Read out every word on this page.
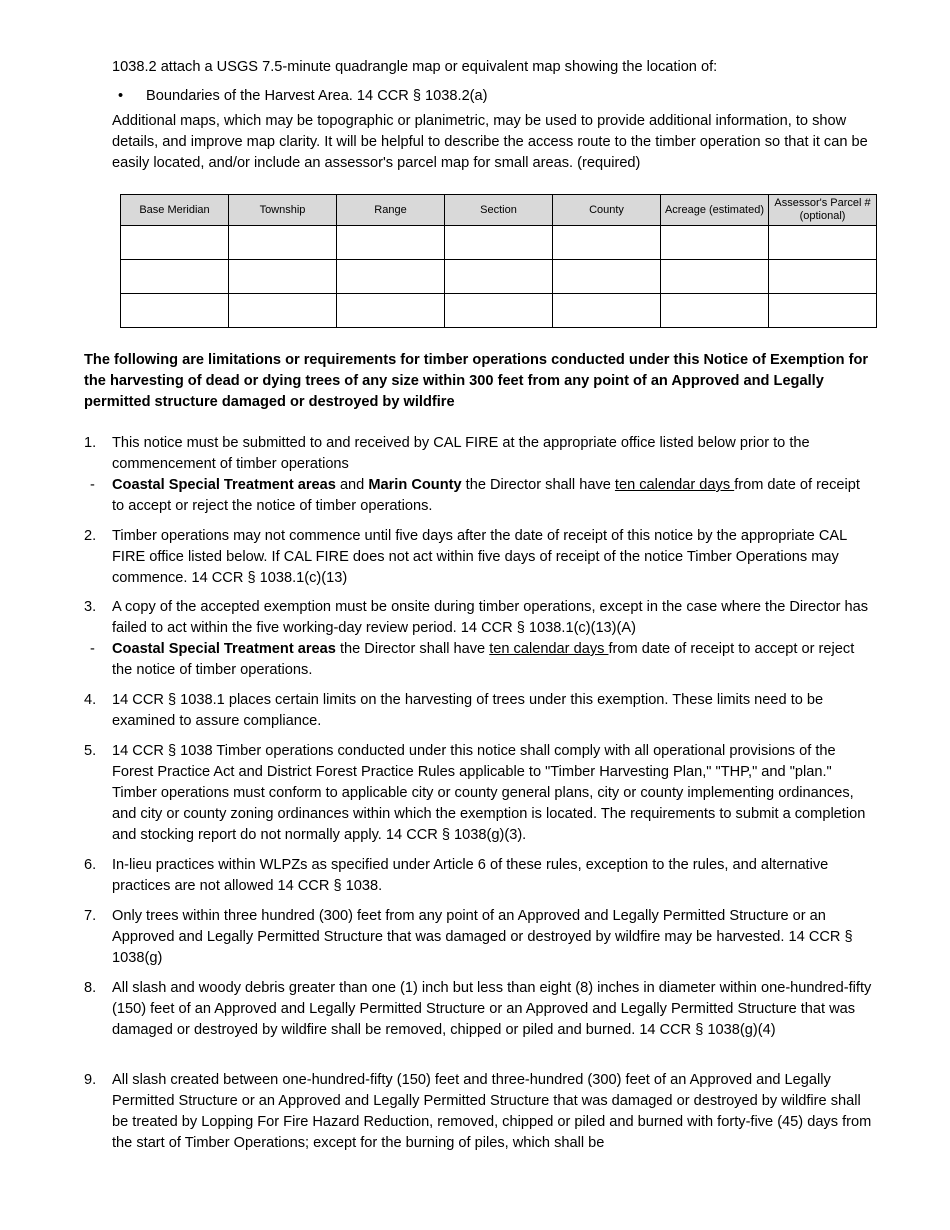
1038.2 attach a USGS 7.5-minute quadrangle map or equivalent map showing the location of:
• Boundaries of the Harvest Area. 14 CCR § 1038.2(a)
Additional maps, which may be topographic or planimetric, may be used to provide additional information, to show details, and improve map clarity. It will be helpful to describe the access route to the timber operation so that it can be easily located, and/or include an assessor's parcel map for small areas. (required)
Base Meridian	Township	Range	Section	County	Acreage (estimated)	Assessor's Parcel # (optional)

The following are limitations or requirements for timber operations conducted under this Notice of Exemption for the harvesting of dead or dying trees of any size within 300 feet from any point of an Approved and Legally permitted structure damaged or destroyed by wildfire
1.	This notice must be submitted to and received by CAL FIRE at the appropriate office listed below prior to the commencement of timber operations
- Coastal Special Treatment areas and Marin County the Director shall have ten calendar days from date of receipt to accept or reject the notice of timber operations.
2.	Timber operations may not commence until five days after the date of receipt of this notice by the appropriate CAL FIRE office listed below. If CAL FIRE does not act within five days of receipt of the notice Timber Operations may commence. 14 CCR § 1038.1(c)(13)
3.	A copy of the accepted exemption must be onsite during timber operations, except in the case where the Director has failed to act within the five working-day review period. 14 CCR § 1038.1(c)(13)(A)
- Coastal Special Treatment areas the Director shall have ten calendar days from date of receipt to accept or reject the notice of timber operations.
4.	14 CCR § 1038.1 places certain limits on the harvesting of trees under this exemption. These limits need to be examined to assure compliance.
5.	14 CCR § 1038 Timber operations conducted under this notice shall comply with all operational provisions of the Forest Practice Act and District Forest Practice Rules applicable to "Timber Harvesting Plan," "THP," and "plan." Timber operations must conform to applicable city or county general plans, city or county implementing ordinances, and city or county zoning ordinances within which the exemption is located. The requirements to submit a completion and stocking report do not normally apply. 14 CCR § 1038(g)(3).
6.	In-lieu practices within WLPZs as specified under Article 6 of these rules, exception to the rules, and alternative practices are not allowed 14 CCR § 1038.
7.	Only trees within three hundred (300) feet from any point of an Approved and Legally Permitted Structure or an Approved and Legally Permitted Structure that was damaged or destroyed by wildfire may be harvested. 14 CCR § 1038(g)
8.	All slash and woody debris greater than one (1) inch but less than eight (8) inches in diameter within one-hundred-fifty (150) feet of an Approved and Legally Permitted Structure or an Approved and Legally Permitted Structure that was damaged or destroyed by wildfire shall be removed, chipped or piled and burned. 14 CCR § 1038(g)(4)
9.	All slash created between one-hundred-fifty (150) feet and three-hundred (300) feet of an Approved and Legally Permitted Structure or an Approved and Legally Permitted Structure that was damaged or destroyed by wildfire shall be treated by Lopping For Fire Hazard Reduction, removed, chipped or piled and burned with forty-five (45) days from the start of Timber Operations; except for the burning of piles, which shall be
